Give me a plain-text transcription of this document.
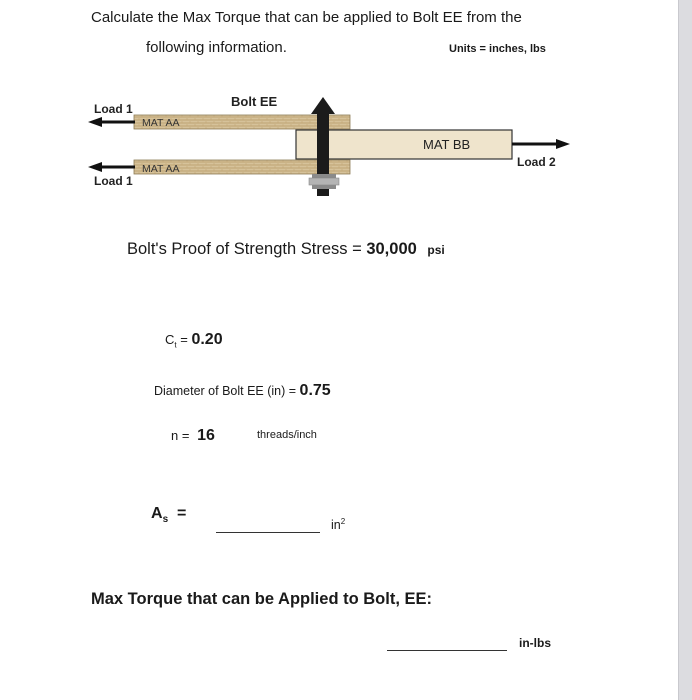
Calculate the Max Torque that can be applied to Bolt EE from the
following information.	Units = inches, lbs
MAT AA
MAT BB
MAT AA
Bolt EE
Load 1
Load 1
Load 2
Bolt's Proof of Strength Stress = 30,000 psi
$C_t = 0.20$
Diameter of Bolt EE (in) = 0.75
n = 16	threads/inch
$A_s$  =
$in^2$
Max Torque that can be Applied to Bolt, EE:
in-lbs
